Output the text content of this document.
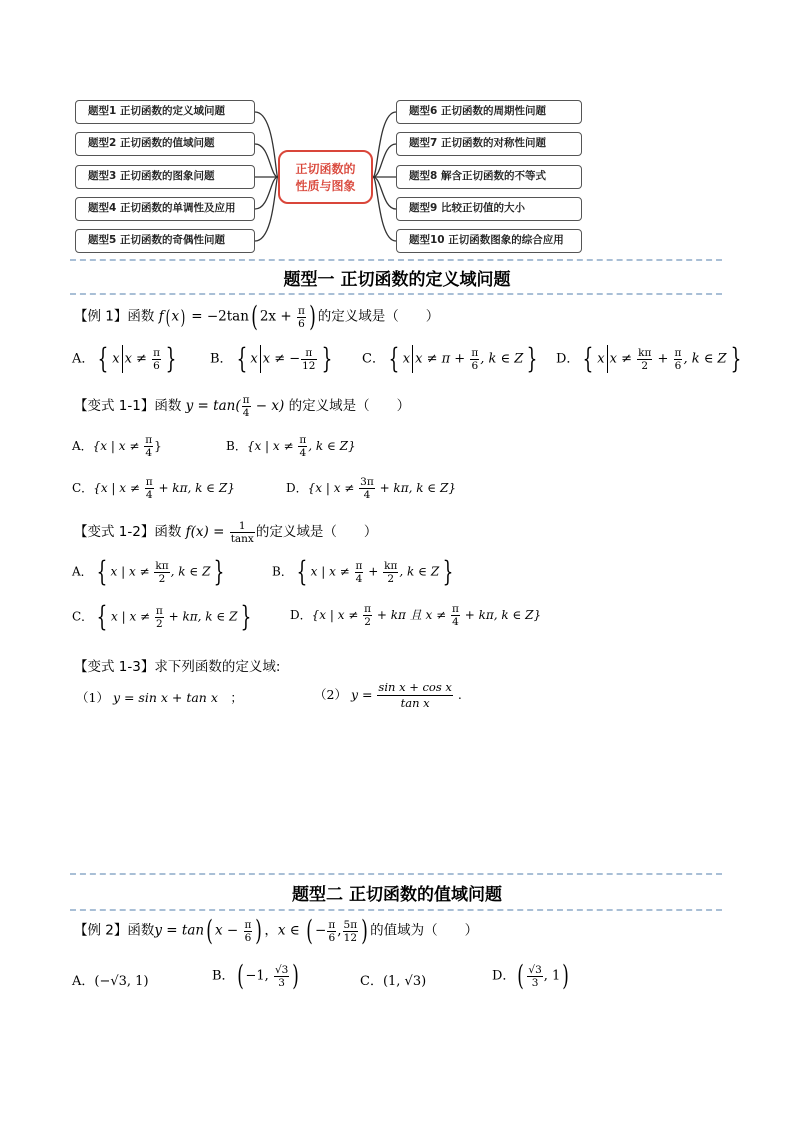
题型1 正切函数的定义域问题
题型2 正切函数的值域问题
题型3 正切函数的图象问题
题型4 正切函数的单调性及应用
题型5 正切函数的奇偶性问题
正切函数的
性质与图象
题型6 正切函数的周期性问题
题型7 正切函数的对称性问题
题型8 解含正切函数的不等式
题型9 比较正切值的大小
题型10 正切函数图象的综合应用
题型一 正切函数的定义域问题
【例 1】函数 f( x) = −2tan( $2x + \frac{\pi}{6}$ ) 的定义域是（　　）
A． { x $x \ne \frac{\pi}{6}$ }	B． { x x ≠ − $\frac{\pi}{12}$ } C． { x $x \ne \pi + \frac{\pi}{6}$ , k ∈ Z } D． { x $x \ne \frac{k\pi}{2} + \frac{\pi}{6}$ , k ∈ Z }
【变式 1-1】函数 $y = \tan( \frac{\pi}{4} - x)$ 的定义域是（　　）
A．{x | $x \ne \frac{\pi}{4}$ }	B．{x | $x \ne \frac{\pi}{4}$ , k ∈ Z}
C．{x | $x \ne \frac{\pi}{4} + k\pi$, k ∈ Z}	D．{x | $x \ne \frac{3\pi}{4} + k\pi$, k ∈ Z}
【变式 1-2】函数 $f(x) = \frac{1}{\tan x}$ 的定义域是（　　）
A． { x | $x \ne \frac{k\pi}{2}$ , k ∈ Z }	B． { x | $x \ne \frac{\pi}{4} + \frac{k\pi}{2}$ , k ∈ Z }
C． { x | $x \ne \frac{\pi}{2} + k\pi$, k ∈ Z }	D．{x | $x \ne \frac{\pi}{2} + k\pi$ 且 $x \ne \frac{\pi}{4} + k\pi$, k ∈ Z}
【变式 1-3】求下列函数的定义域:
（1） y = sin x + tan x　；	（2） $y = \frac{\text{sin x + cos x}}{\text{tan x}}$ .
题型二 正切函数的值域问题
【例 2】函数y = tan( $x - \frac{\pi}{6}$ ) ，x ∈ ( − $\frac{\pi}{6}$ , $\frac{5\pi}{12}$ ) 的值域为（　　）
A．(−√3, 1)	B．( −1, $\frac{√3}{3}$ )	C．(1, √3)	D．( $\frac{√3}{3}$ , 1)
